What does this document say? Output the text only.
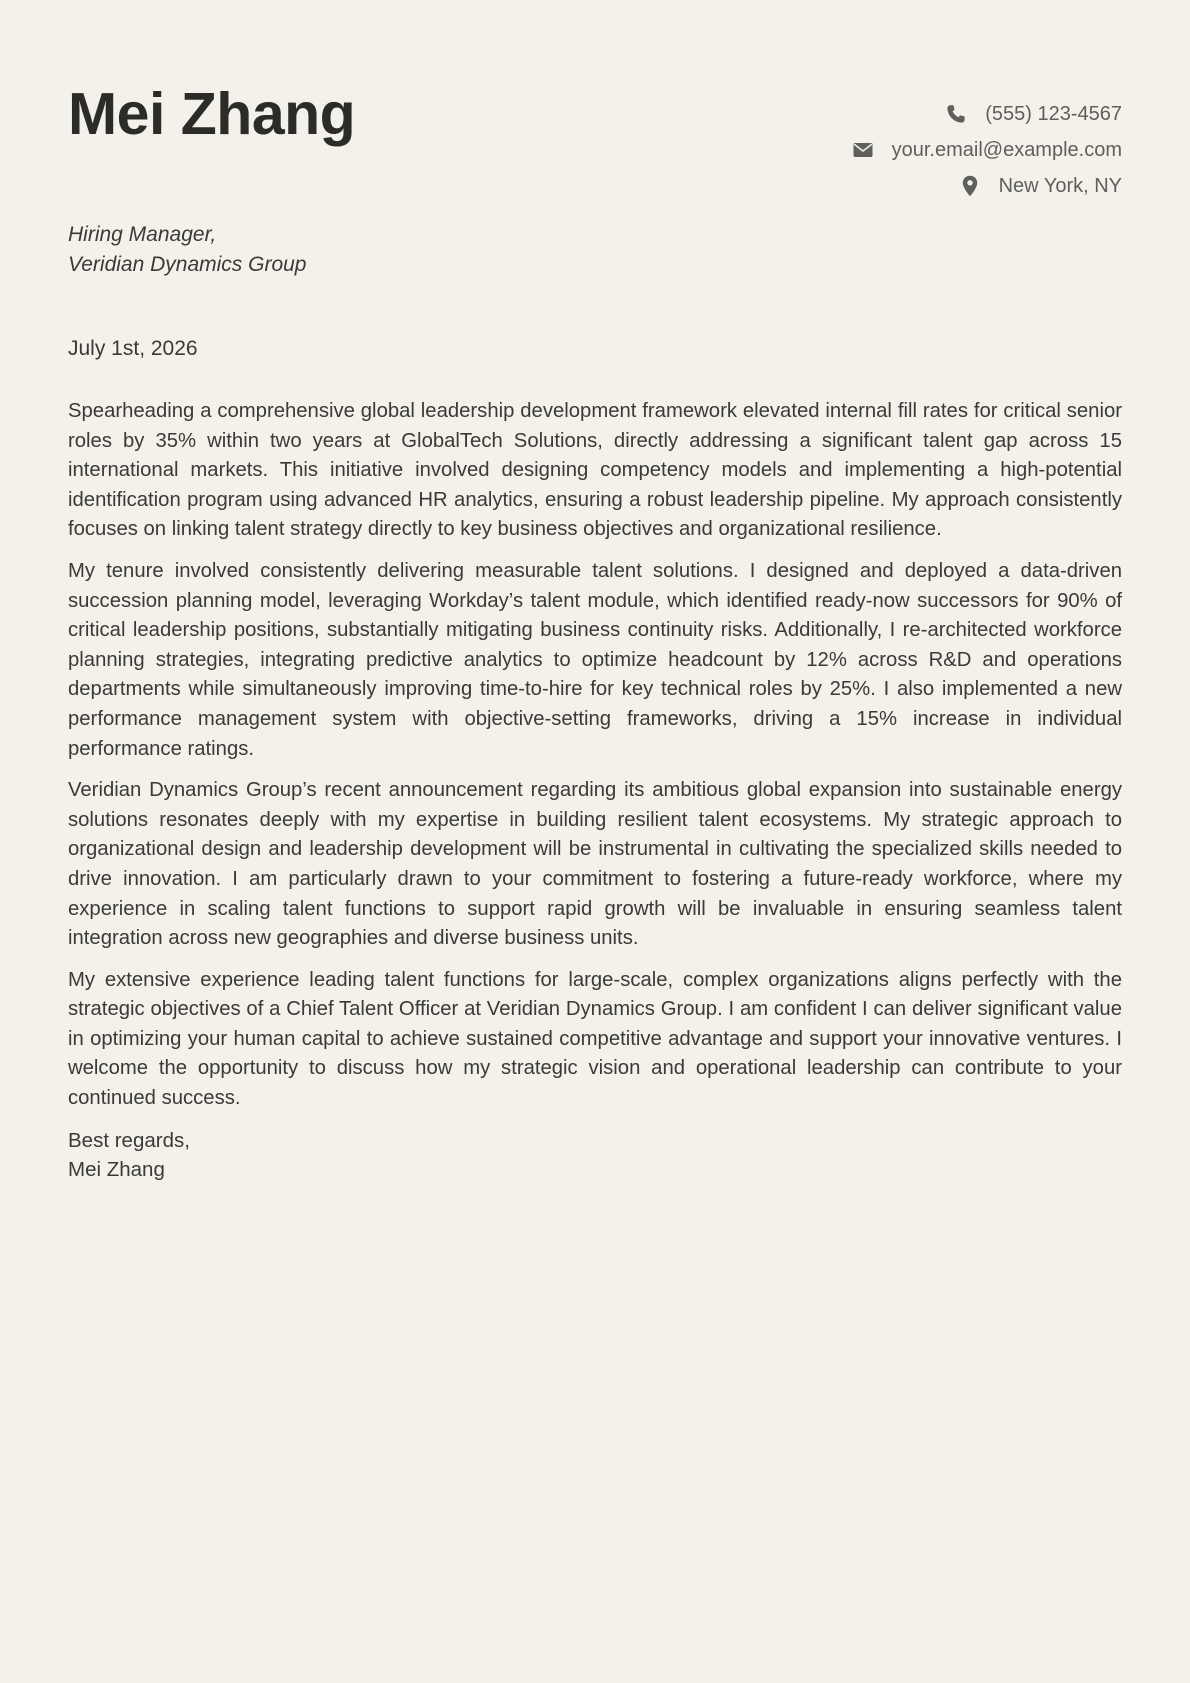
Mei Zhang	(555) 123-4567
your.email@example.com
New York, NY
Hiring Manager,
Veridian Dynamics Group
July 1st, 2026

Spearheading a comprehensive global leadership development framework elevated internal fill rates for critical senior roles by 35% within two years at GlobalTech Solutions, directly addressing a significant talent gap across 15 international markets. This initiative involved designing competency models and implementing a high-potential identification program using advanced HR analytics, ensuring a robust leadership pipeline. My approach consistently focuses on linking talent strategy directly to key business objectives and organizational resilience.

My tenure involved consistently delivering measurable talent solutions. I designed and deployed a data-driven succession planning model, leveraging Workday’s talent module, which identified ready-now successors for 90% of critical leadership positions, substantially mitigating business continuity risks. Additionally, I re-architected workforce planning strategies, integrating predictive analytics to optimize headcount by 12% across R&D and operations departments while simultaneously improving time-to-hire for key technical roles by 25%. I also implemented a new performance management system with objective-setting frameworks, driving a 15% increase in individual performance ratings.

Veridian Dynamics Group’s recent announcement regarding its ambitious global expansion into sustainable energy solutions resonates deeply with my expertise in building resilient talent ecosystems. My strategic approach to organizational design and leadership development will be instrumental in cultivating the specialized skills needed to drive innovation. I am particularly drawn to your commitment to fostering a future-ready workforce, where my experience in scaling talent functions to support rapid growth will be invaluable in ensuring seamless talent integration across new geographies and diverse business units.

My extensive experience leading talent functions for large-scale, complex organizations aligns perfectly with the strategic objectives of a Chief Talent Officer at Veridian Dynamics Group. I am confident I can deliver significant value in optimizing your human capital to achieve sustained competitive advantage and support your innovative ventures. I welcome the opportunity to discuss how my strategic vision and operational leadership can contribute to your continued success.

Best regards,
Mei Zhang
